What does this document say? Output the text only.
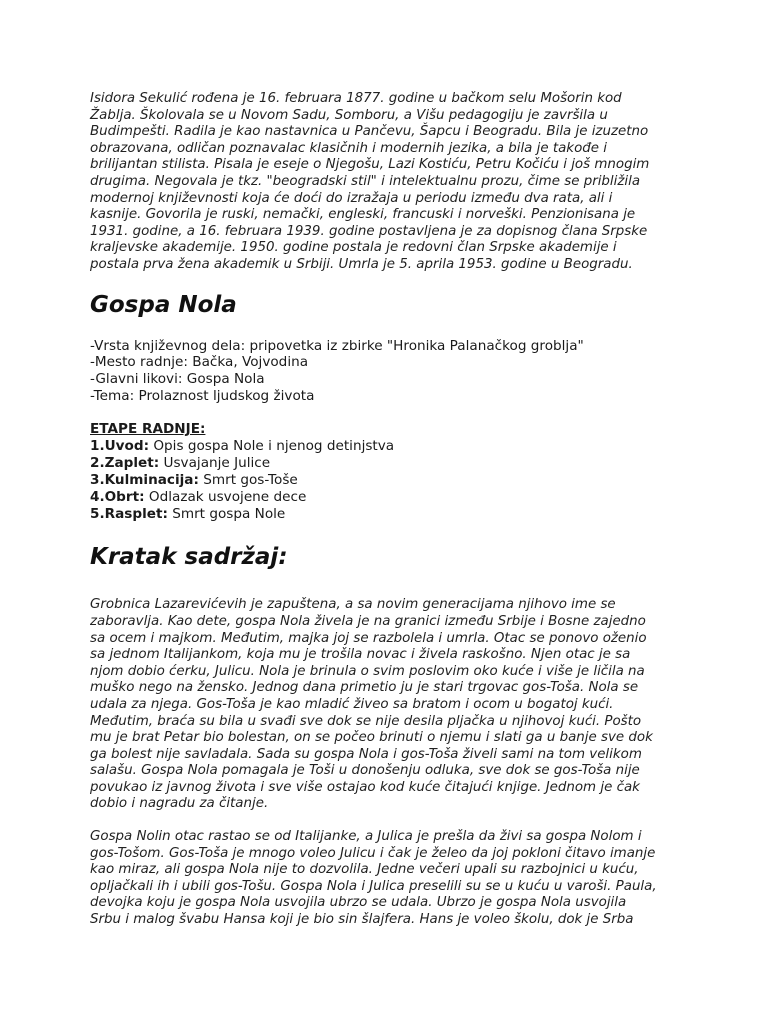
Isidora Sekulić rođena je 16. februara 1877. godine u bačkom selu Mošorin kod
Žablja. Školovala se u Novom Sadu, Somboru, a Višu pedagogiju je završila u
Budimpešti. Radila je kao nastavnica u Pančevu, Šapcu i Beogradu. Bila je izuzetno
obrazovana, odličan poznavalac klasičnih i modernih jezika, a bila je takođe i
brilijantan stilista. Pisala je eseje o Njegošu, Lazi Kostiću, Petru Kočiću i još mnogim
drugima. Negovala je tkz. "beogradski stil" i intelektualnu prozu, čime se približila
modernoj književnosti koja će doći do izražaja u periodu između dva rata, ali i
kasnije. Govorila je ruski, nemački, engleski, francuski i norveški. Penzionisana je
1931. godine, a 16. februara 1939. godine postavljena je za dopisnog člana Srpske
kraljevske akademije. 1950. godine postala je redovni član Srpske akademije i
postala prva žena akademik u Srbiji. Umrla je 5. aprila 1953. godine u Beogradu.
Gospa Nola
-Vrsta književnog dela: pripovetka iz zbirke "Hronika Palanačkog groblja"
-Mesto radnje: Bačka, Vojvodina
-Glavni likovi: Gospa Nola
-Tema: Prolaznost ljudskog života
ETAPE RADNJE:
1.Uvod: Opis gospa Nole i njenog detinjstva
2.Zaplet: Usvajanje Julice
3.Kulminacija: Smrt gos-Toše
4.Obrt: Odlazak usvojene dece
5.Rasplet: Smrt gospa Nole
Kratak sadržaj:
Grobnica Lazarevićevih je zapuštena, a sa novim generacijama njihovo ime se
zaboravlja. Kao dete, gospa Nola živela je na granici između Srbije i Bosne zajedno
sa ocem i majkom. Međutim, majka joj se razbolela i umrla. Otac se ponovo oženio
sa jednom Italijankom, koja mu je trošila novac i živela raskošno. Njen otac je sa
njom dobio ćerku, Julicu. Nola je brinula o svim poslovim oko kuće i više je ličila na
muško nego na žensko. Jednog dana primetio ju je stari trgovac gos-Toša. Nola se
udala za njega. Gos-Toša je kao mladić živeo sa bratom i ocom u bogatoj kući.
Međutim, braća su bila u svađi sve dok se nije desila pljačka u njihovoj kući. Pošto
mu je brat Petar bio bolestan, on se počeo brinuti o njemu i slati ga u banje sve dok
ga bolest nije savladala. Sada su gospa Nola i gos-Toša živeli sami na tom velikom
salašu. Gospa Nola pomagala je Toši u donošenju odluka, sve dok se gos-Toša nije
povukao iz javnog života i sve više ostajao kod kuće čitajući knjige. Jednom je čak
dobio i nagradu za čitanje.
Gospa Nolin otac rastao se od Italijanke, a Julica je prešla da živi sa gospa Nolom i
gos-Tošom. Gos-Toša je mnogo voleo Julicu i čak je želeo da joj pokloni čitavo imanje
kao miraz, ali gospa Nola nije to dozvolila. Jedne večeri upali su razbojnici u kuću,
opljačkali ih i ubili gos-Tošu. Gospa Nola i Julica preselili su se u kuću u varoši. Paula,
devojka koju je gospa Nola usvojila ubrzo se udala. Ubrzo je gospa Nola usvojila
Srbu i malog švabu Hansa koji je bio sin šlajfera. Hans je voleo školu, dok je Srba
